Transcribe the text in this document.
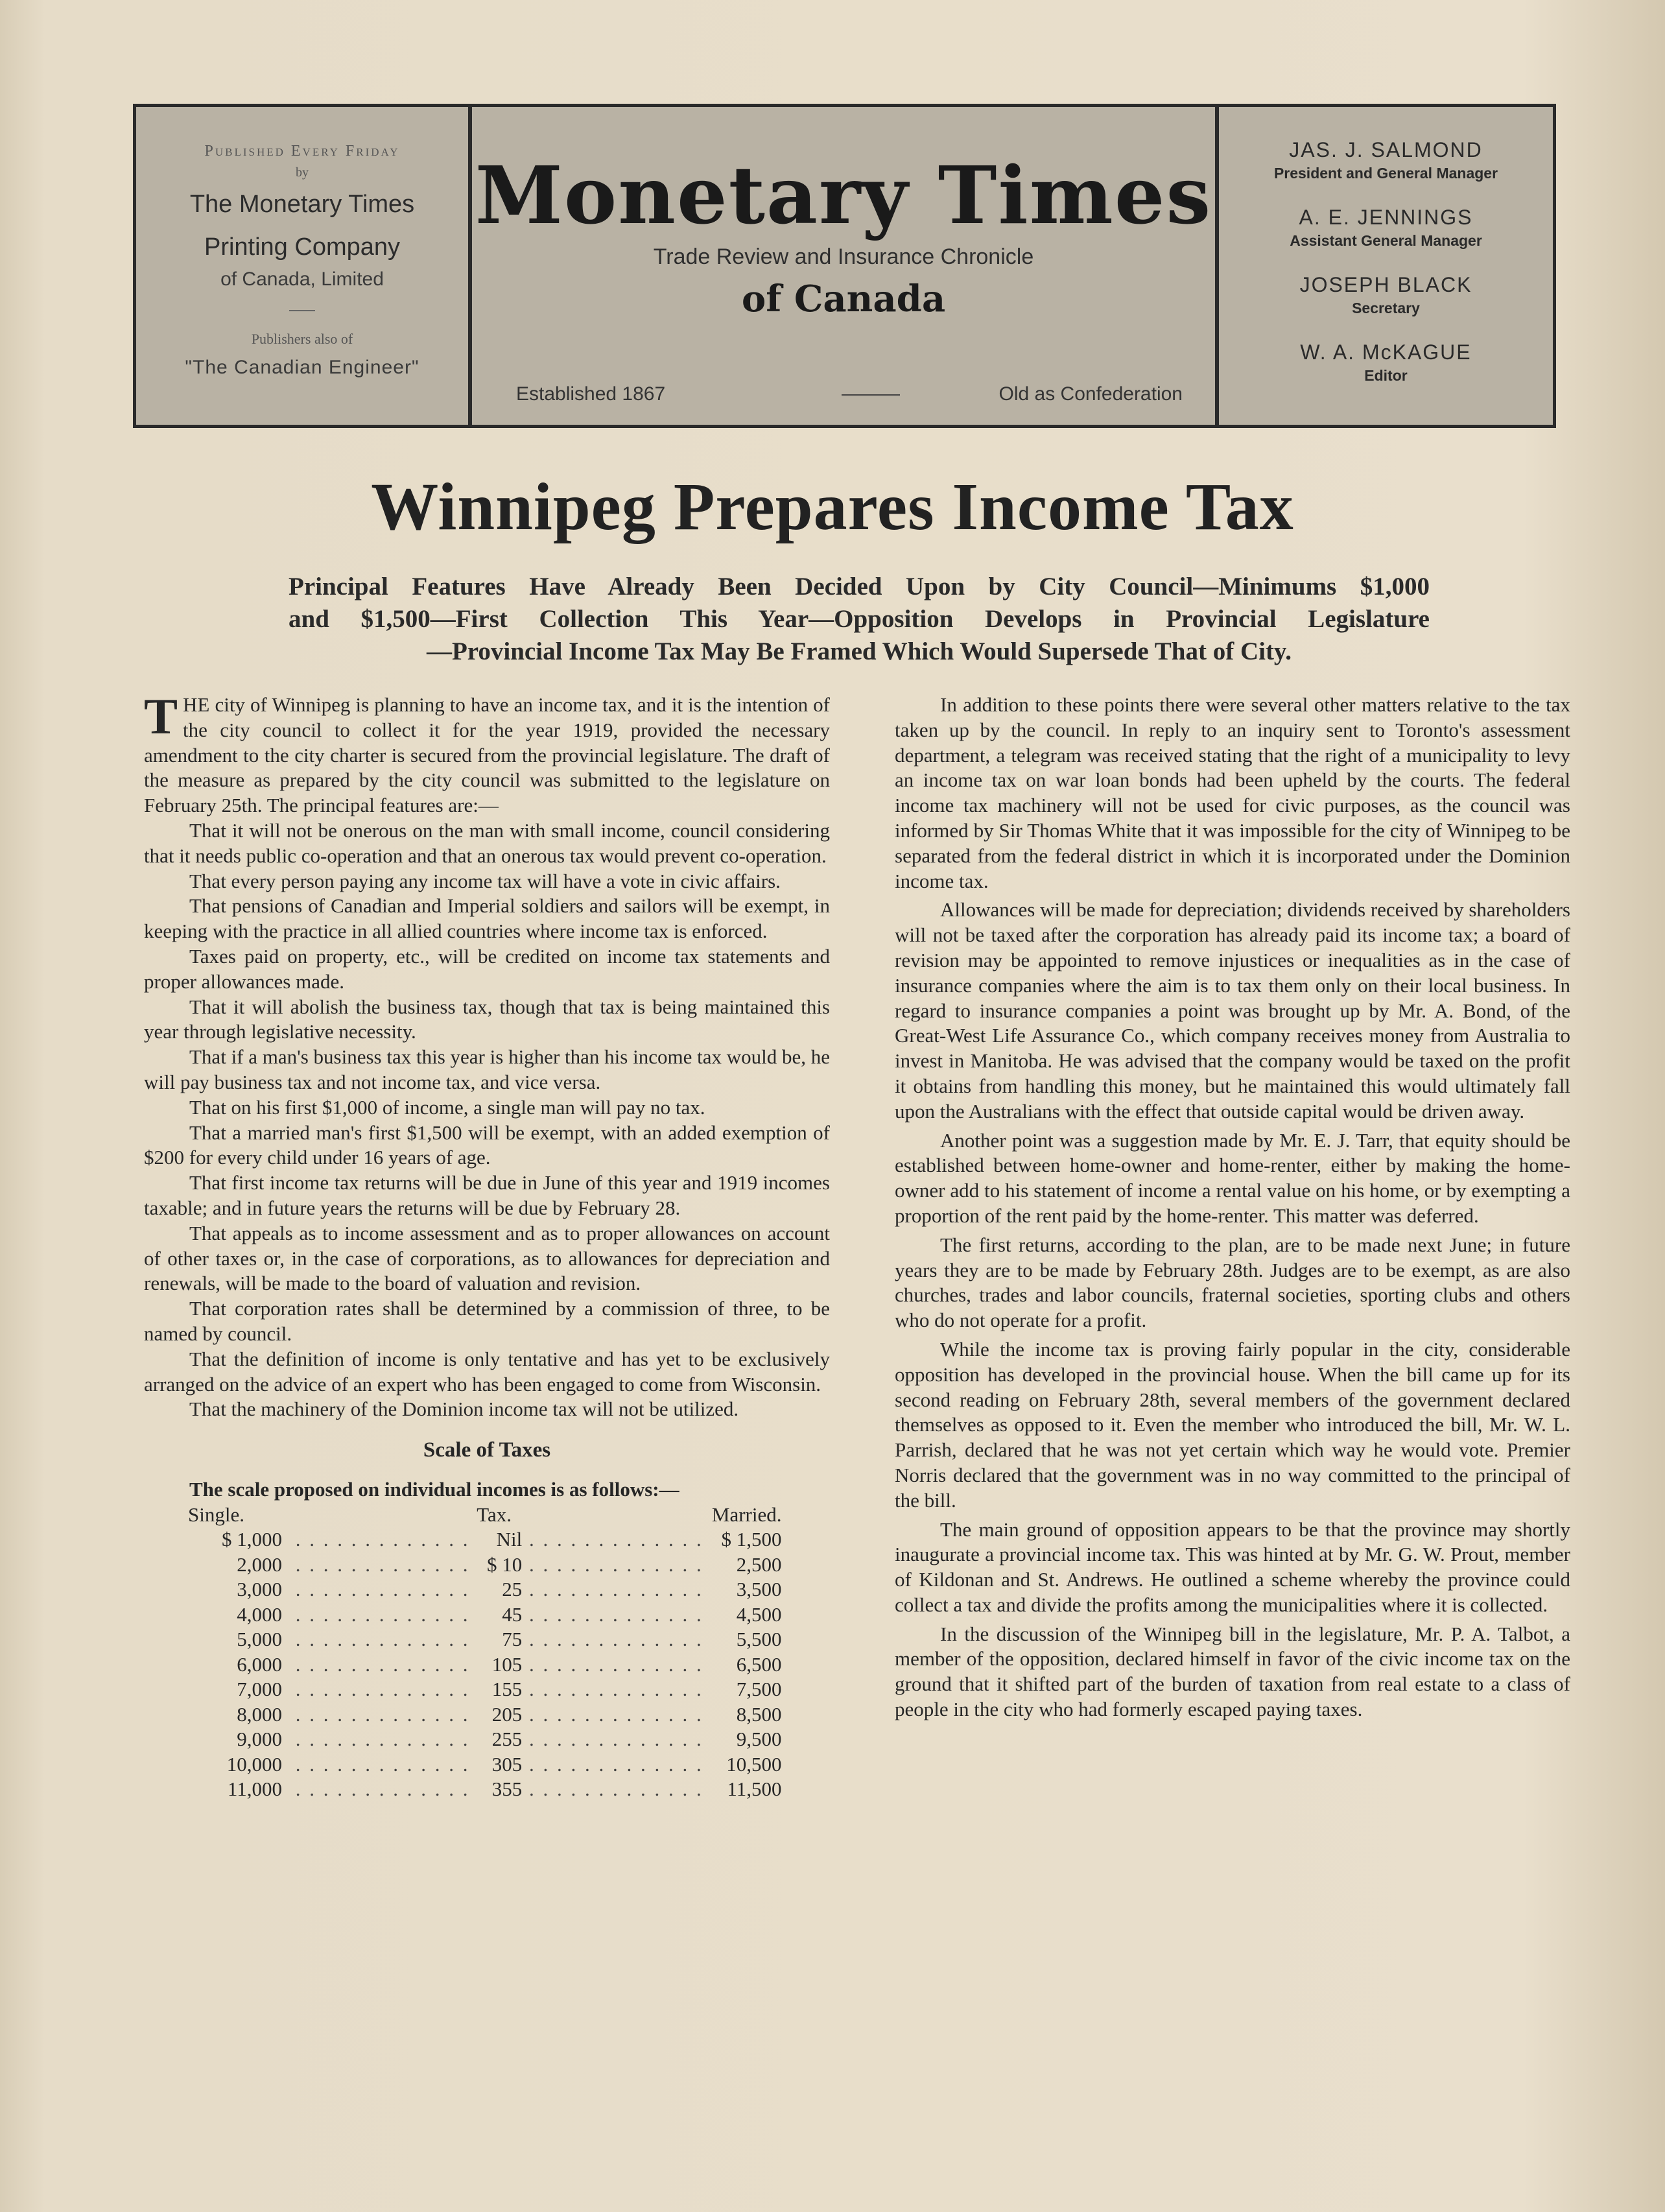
Published Every Friday
by
The Monetary Times
Printing Company
of Canada, Limited
Publishers also of
"The Canadian Engineer"
Monetary Times
Trade Review and Insurance Chronicle
of Canada
Established 1867	Old as Confederation
JAS. J. SALMOND
President and General Manager
A. E. JENNINGS
Assistant General Manager
JOSEPH BLACK
Secretary
W. A. McKAGUE
Editor
Winnipeg Prepares Income Tax
Principal Features Have Already Been Decided Upon by City Council—Minimums $1,000
and $1,500—First Collection This Year—Opposition Develops in Provincial Legislature
—Provincial Income Tax May Be Framed Which Would Supersede That of City.

THE city of Winnipeg is planning to have an income tax, and it is the intention of the city council to collect it for the year 1919, provided the necessary amendment to the city charter is secured from the provincial legislature. The draft of the measure as prepared by the city council was submitted to the legislature on February 25th. The principal features are:—

That it will not be onerous on the man with small income, council considering that it needs public co-operation and that an onerous tax would prevent co-operation.

That every person paying any income tax will have a vote in civic affairs.

That pensions of Canadian and Imperial soldiers and sailors will be exempt, in keeping with the practice in all allied countries where income tax is enforced.

Taxes paid on property, etc., will be credited on income tax statements and proper allowances made.

That it will abolish the business tax, though that tax is being maintained this year through legislative necessity.

That if a man's business tax this year is higher than his income tax would be, he will pay business tax and not income tax, and vice versa.

That on his first $1,000 of income, a single man will pay no tax.

That a married man's first $1,500 will be exempt, with an added exemption of $200 for every child under 16 years of age.

That first income tax returns will be due in June of this year and 1919 incomes taxable; and in future years the returns will be due by February 28.

That appeals as to income assessment and as to proper allowances on account of other taxes or, in the case of corporations, as to allowances for depreciation and renewals, will be made to the board of valuation and revision.

That corporation rates shall be determined by a commission of three, to be named by council.

That the definition of income is only tentative and has yet to be exclusively arranged on the advice of an expert who has been engaged to come from Wisconsin.

That the machinery of the Dominion income tax will not be utilized.

Scale of Taxes

The scale proposed on individual incomes is as follows:—

Single.		Tax.		Married.
$ 1,000	. . . . . . . . . . . . .	Nil	. . . . . . . . . . . . .	$ 1,500
2,000	. . . . . . . . . . . . .	$ 10	. . . . . . . . . . . . .	2,500
3,000	. . . . . . . . . . . . .	25	. . . . . . . . . . . . .	3,500
4,000	. . . . . . . . . . . . .	45	. . . . . . . . . . . . .	4,500
5,000	. . . . . . . . . . . . .	75	. . . . . . . . . . . . .	5,500
6,000	. . . . . . . . . . . . .	105	. . . . . . . . . . . . .	6,500
7,000	. . . . . . . . . . . . .	155	. . . . . . . . . . . . .	7,500
8,000	. . . . . . . . . . . . .	205	. . . . . . . . . . . . .	8,500
9,000	. . . . . . . . . . . . .	255	. . . . . . . . . . . . .	9,500
10,000	. . . . . . . . . . . . .	305	. . . . . . . . . . . . .	10,500
11,000	. . . . . . . . . . . . .	355	. . . . . . . . . . . . .	11,500

In addition to these points there were several other matters relative to the tax taken up by the council. In reply to an inquiry sent to Toronto's assessment department, a telegram was received stating that the right of a municipality to levy an income tax on war loan bonds had been upheld by the courts. The federal income tax machinery will not be used for civic purposes, as the council was informed by Sir Thomas White that it was impossible for the city of Winnipeg to be separated from the federal district in which it is incorporated under the Dominion income tax.

Allowances will be made for depreciation; dividends received by shareholders will not be taxed after the corporation has already paid its income tax; a board of revision may be appointed to remove injustices or inequalities as in the case of insurance companies where the aim is to tax them only on their local business. In regard to insurance companies a point was brought up by Mr. A. Bond, of the Great-West Life Assurance Co., which company receives money from Australia to invest in Manitoba. He was advised that the company would be taxed on the profit it obtains from handling this money, but he maintained this would ultimately fall upon the Australians with the effect that outside capital would be driven away.

Another point was a suggestion made by Mr. E. J. Tarr, that equity should be established between home-owner and home-renter, either by making the home-owner add to his statement of income a rental value on his home, or by exempting a proportion of the rent paid by the home-renter. This matter was deferred.

The first returns, according to the plan, are to be made next June; in future years they are to be made by February 28th. Judges are to be exempt, as are also churches, trades and labor councils, fraternal societies, sporting clubs and others who do not operate for a profit.

While the income tax is proving fairly popular in the city, considerable opposition has developed in the provincial house. When the bill came up for its second reading on February 28th, several members of the government declared themselves as opposed to it. Even the member who introduced the bill, Mr. W. L. Parrish, declared that he was not yet certain which way he would vote. Premier Norris declared that the government was in no way committed to the principal of the bill.

The main ground of opposition appears to be that the province may shortly inaugurate a provincial income tax. This was hinted at by Mr. G. W. Prout, member of Kildonan and St. Andrews. He outlined a scheme whereby the province could collect a tax and divide the profits among the municipalities where it is collected.

In the discussion of the Winnipeg bill in the legislature, Mr. P. A. Talbot, a member of the opposition, declared himself in favor of the civic income tax on the ground that it shifted part of the burden of taxation from real estate to a class of people in the city who had formerly escaped paying taxes.
